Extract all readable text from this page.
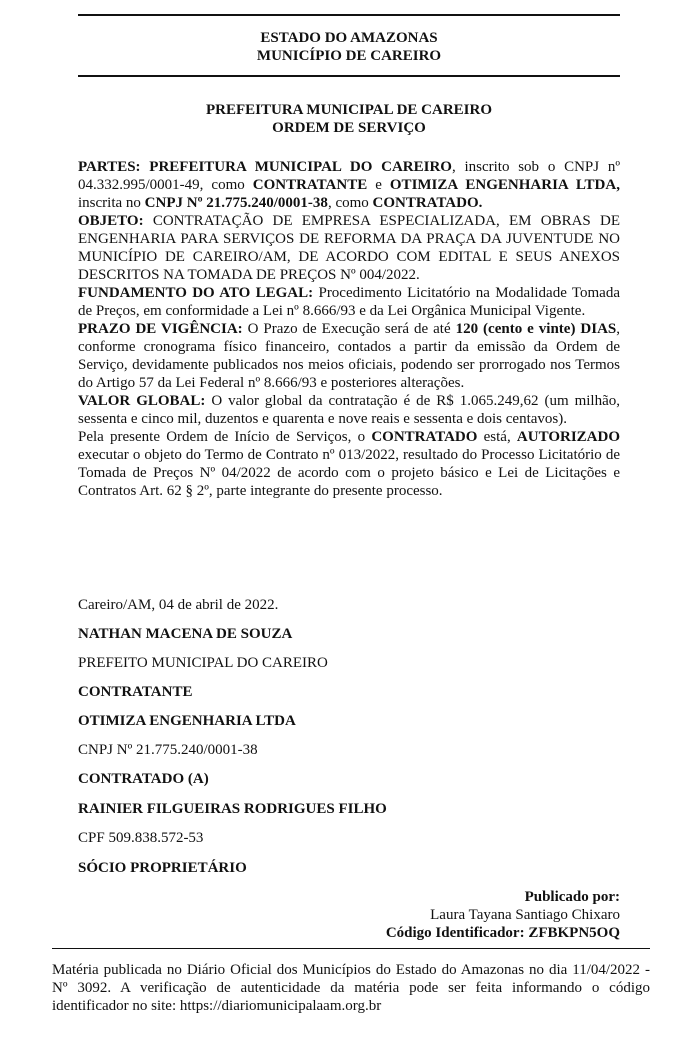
ESTADO DO AMAZONAS
MUNICÍPIO DE CAREIRO
PREFEITURA MUNICIPAL DE CAREIRO
ORDEM DE SERVIÇO

PARTES: PREFEITURA MUNICIPAL DO CAREIRO, inscrito sob o CNPJ nº 04.332.995/0001-49, como CONTRATANTE e OTIMIZA ENGENHARIA LTDA, inscrita no CNPJ Nº 21.775.240/0001-38, como CONTRATADO.

OBJETO: CONTRATAÇÃO DE EMPRESA ESPECIALIZADA, EM OBRAS DE ENGENHARIA PARA SERVIÇOS DE REFORMA DA PRAÇA DA JUVENTUDE NO MUNICÍPIO DE CAREIRO/AM, DE ACORDO COM EDITAL E SEUS ANEXOS DESCRITOS NA TOMADA DE PREÇOS Nº 004/2022.

FUNDAMENTO DO ATO LEGAL: Procedimento Licitatório na Modalidade Tomada de Preços, em conformidade a Lei nº 8.666/93 e da Lei Orgânica Municipal Vigente.

PRAZO DE VIGÊNCIA: O Prazo de Execução será de até 120 (cento e vinte) DIAS, conforme cronograma físico financeiro, contados a partir da emissão da Ordem de Serviço, devidamente publicados nos meios oficiais, podendo ser prorrogado nos Termos do Artigo 57 da Lei Federal nº 8.666/93 e posteriores alterações.

VALOR GLOBAL: O valor global da contratação é de R$ 1.065.249,62 (um milhão, sessenta e cinco mil, duzentos e quarenta e nove reais e sessenta e dois centavos).

Pela presente Ordem de Início de Serviços, o CONTRATADO está, AUTORIZADO executar o objeto do Termo de Contrato nº 013/2022, resultado do Processo Licitatório de Tomada de Preços Nº 04/2022 de acordo com o projeto básico e Lei de Licitações e Contratos Art. 62 § 2º, parte integrante do presente processo.

Careiro/AM, 04 de abril de 2022.
NATHAN MACENA DE SOUZA
PREFEITO MUNICIPAL DO CAREIRO
CONTRATANTE
OTIMIZA ENGENHARIA LTDA
CNPJ Nº 21.775.240/0001-38
CONTRATADO (A)
RAINIER FILGUEIRAS RODRIGUES FILHO
CPF 509.838.572-53
SÓCIO PROPRIETÁRIO
Publicado por:
Laura Tayana Santiago Chixaro
Código Identificador: ZFBKPN5OQ
Matéria publicada no Diário Oficial dos Municípios do Estado do Amazonas no dia 11/04/2022 - Nº 3092. A verificação de autenticidade da matéria pode ser feita informando o código identificador no site: https://diariomunicipalaam.org.br
